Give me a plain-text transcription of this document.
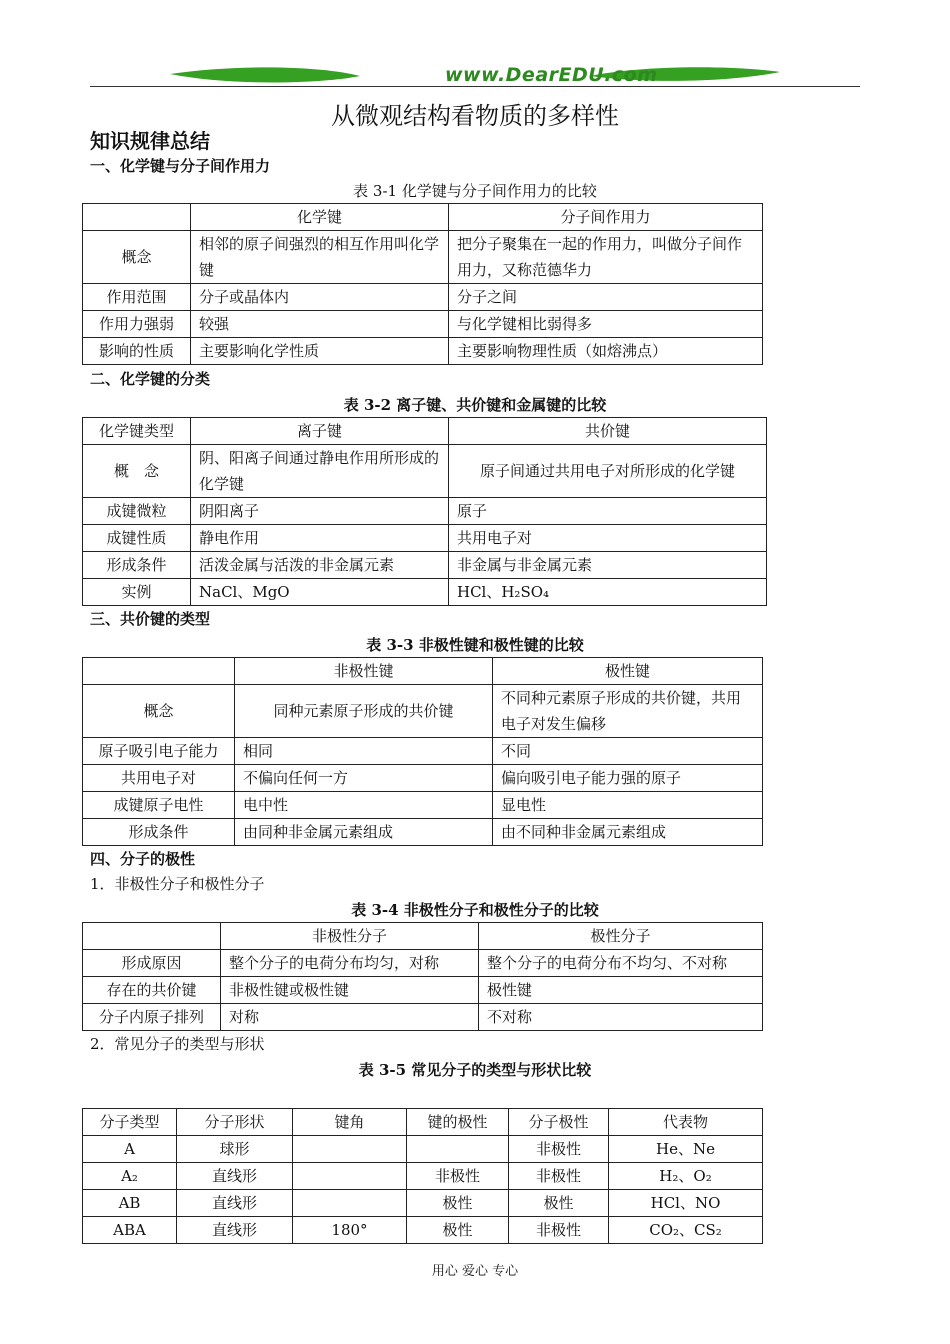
www.DearEDU.com
从微观结构看物质的多样性
知识规律总结
一、化学键与分子间作用力
表 3-1 化学键与分子间作用力的比较
	化学键	分子间作用力
概念	相邻的原子间强烈的相互作用叫化学键	把分子聚集在一起的作用力，叫做分子间作用力，又称范德华力
作用范围	分子或晶体内	分子之间
作用力强弱	较强	与化学键相比弱得多
影响的性质	主要影响化学性质	主要影响物理性质（如熔沸点）
二、化学键的分类
表 3-2 离子键、共价键和金属键的比较
化学键类型	离子键	共价键
概　念	阴、阳离子间通过静电作用所形成的化学键	原子间通过共用电子对所形成的化学键
成键微粒	阴阳离子	原子
成键性质	静电作用	共用电子对
形成条件	活泼金属与活泼的非金属元素	非金属与非金属元素
实例	NaCl、MgO	HCl、H₂SO₄
三、共价键的类型
表 3-3 非极性键和极性键的比较
	非极性键	极性键
概念	同种元素原子形成的共价键	不同种元素原子形成的共价键，共用电子对发生偏移
原子吸引电子能力	相同	不同
共用电子对	不偏向任何一方	偏向吸引电子能力强的原子
成键原子电性	电中性	显电性
形成条件	由同种非金属元素组成	由不同种非金属元素组成
四、分子的极性
1．非极性分子和极性分子
表 3-4 非极性分子和极性分子的比较
	非极性分子	极性分子
形成原因	整个分子的电荷分布均匀，对称	整个分子的电荷分布不均匀、不对称
存在的共价键	非极性键或极性键	极性键
分子内原子排列	对称	不对称
2．常见分子的类型与形状
表 3-5 常见分子的类型与形状比较
分子类型	分子形状	键角	键的极性	分子极性	代表物
A	球形			非极性	He、Ne
A₂	直线形		非极性	非极性	H₂、O₂
AB	直线形		极性	极性	HCl、NO
ABA	直线形	180°	极性	非极性	CO₂、CS₂
用心 爱心 专心
